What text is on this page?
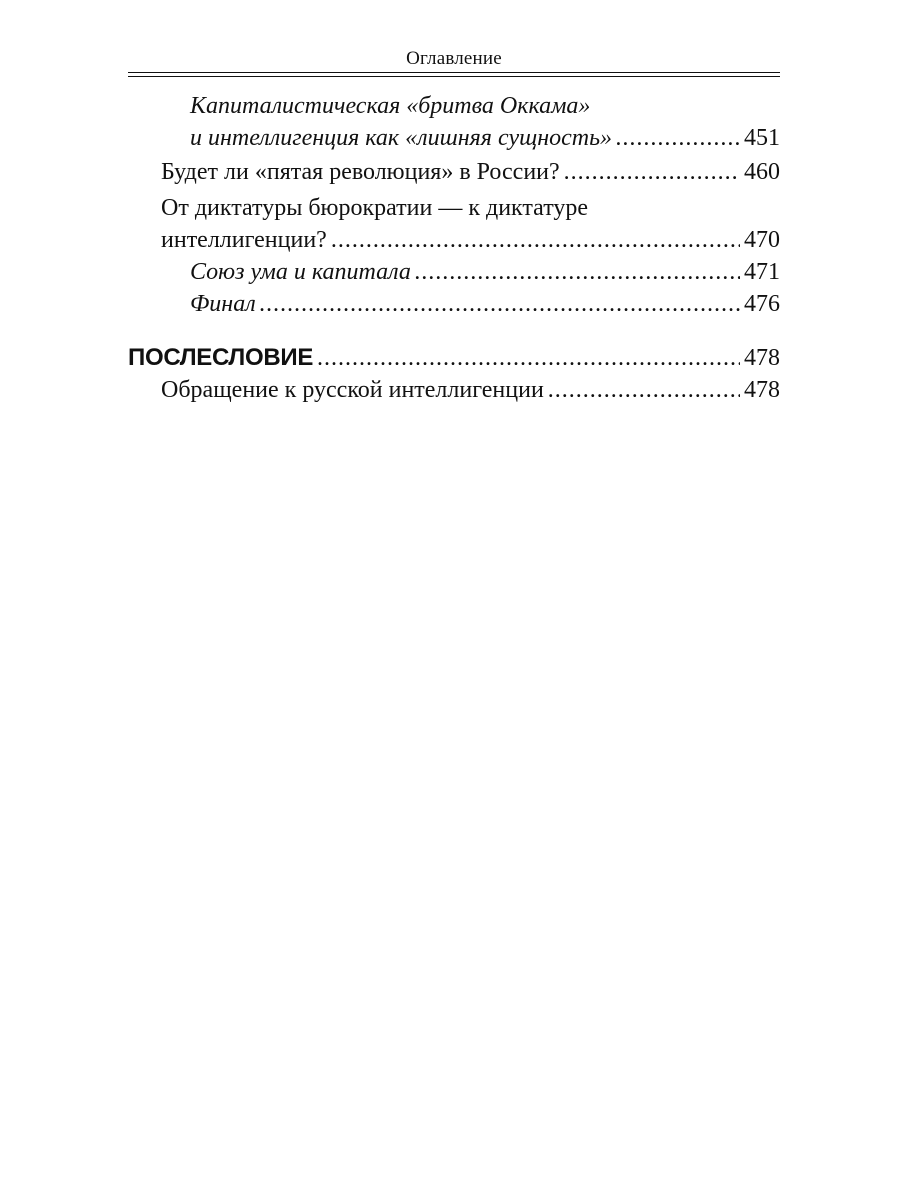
Оглавление
Капиталистическая «бритва Оккама»
и интеллигенция как «лишняя сущность» .....	451
Будет ли «пятая революция» в России? .....	460
От диктатуры бюрократии — к диктатуре
интеллигенции? .....	470
Союз ума и капитала .....	471
Финал .....	476
ПОСЛЕСЛОВИЕ .....	478
Обращение к русской интеллигенции .....	478
